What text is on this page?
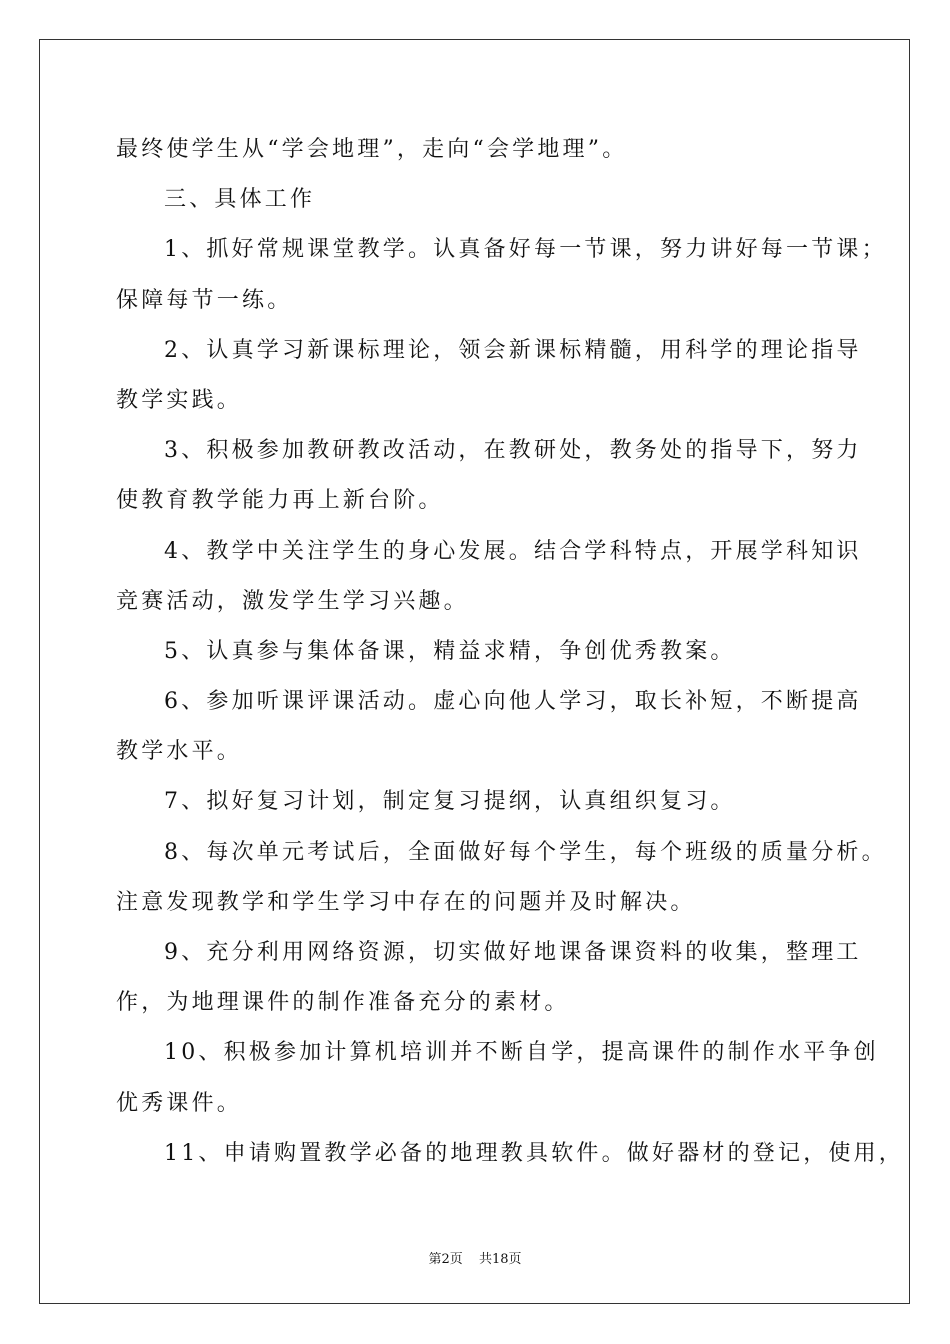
最终使学生从“学会地理”，走向“会学地理”。
三、具体工作
1、抓好常规课堂教学。认真备好每一节课，努力讲好每一节课；
保障每节一练。
2、认真学习新课标理论，领会新课标精髓，用科学的理论指导
教学实践。
3、积极参加教研教改活动，在教研处，教务处的指导下，努力
使教育教学能力再上新台阶。
4、教学中关注学生的身心发展。结合学科特点，开展学科知识
竞赛活动，激发学生学习兴趣。
5、认真参与集体备课，精益求精，争创优秀教案。
6、参加听课评课活动。虚心向他人学习，取长补短，不断提高
教学水平。
7、拟好复习计划，制定复习提纲，认真组织复习。
8、每次单元考试后，全面做好每个学生，每个班级的质量分析。
注意发现教学和学生学习中存在的问题并及时解决。
9、充分利用网络资源，切实做好地课备课资料的收集，整理工
作，为地理课件的制作准备充分的素材。
10、积极参加计算机培训并不断自学，提高课件的制作水平争创
优秀课件。
11、申请购置教学必备的地理教具软件。做好器材的登记，使用，
第2页 共18页
